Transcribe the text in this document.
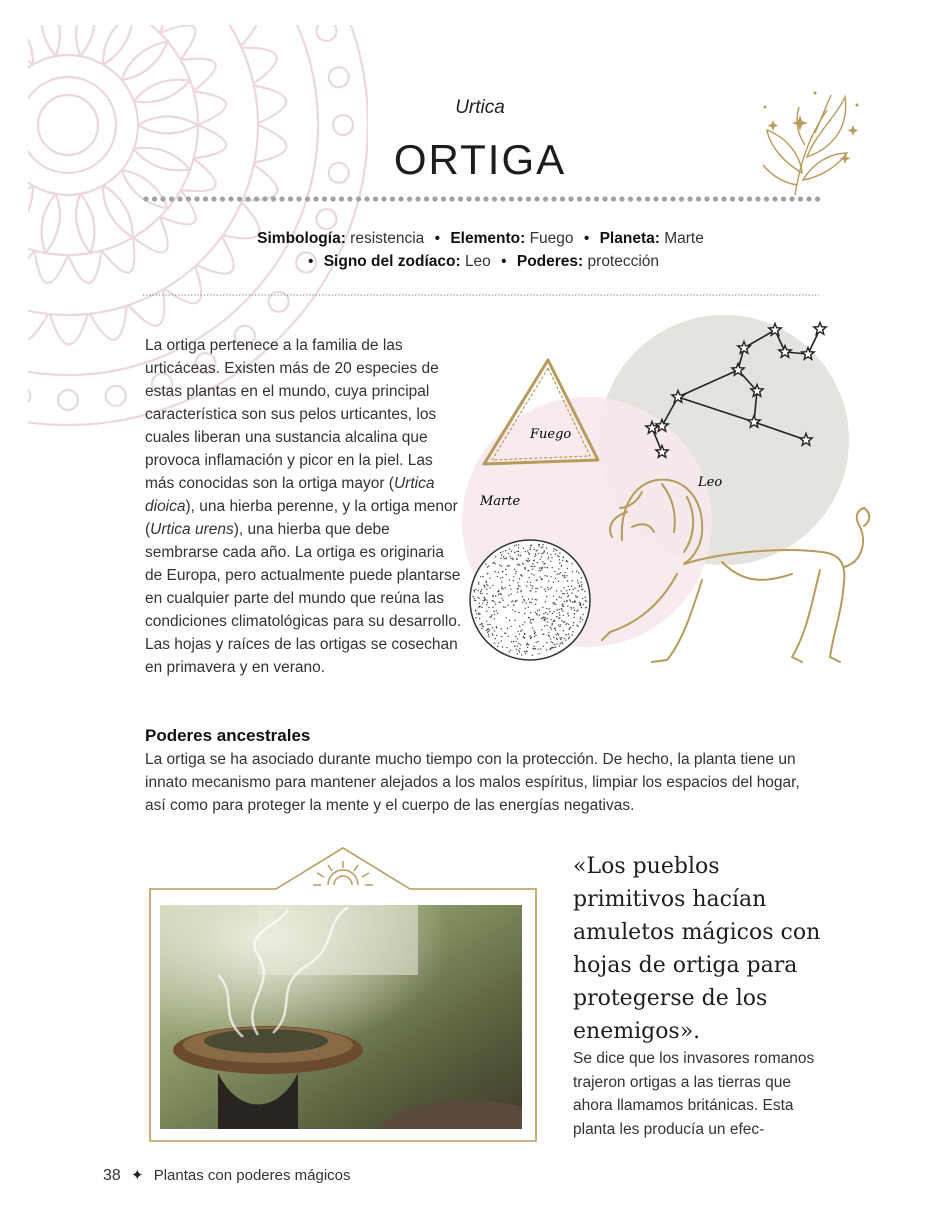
Urtica
ORTIGA
Simbología: resistencia • Elemento: Fuego • Planeta: Marte
• Signo del zodíaco: Leo • Poderes: protección

La ortiga pertenece a la familia de las urticáceas. Existen más de 20 especies de estas plantas en el mundo, cuya principal característica son sus pelos urticantes, los cuales liberan una sustancia alcalina que provoca inflamación y picor en la piel. Las más conocidas son la ortiga mayor (Urtica dioica), una hierba perenne, y la ortiga menor (Urtica urens), una hierba que debe sembrarse cada año. La ortiga es originaria de Europa, pero actualmente puede plantarse en cualquier parte del mundo que reúna las condiciones climatológicas para su desarrollo. Las hojas y raíces de las ortigas se cosechan en primavera y en verano.

Fuego
Marte
Leo
Poderes ancestrales
La ortiga se ha asociado durante mucho tiempo con la protección. De hecho, la planta tiene un innato mecanismo para mantener alejados a los malos espíritus, limpiar los espacios del hogar, así como para proteger la mente y el cuerpo de las energías negativas.
«Los pueblos primitivos hacían amuletos mágicos con hojas de ortiga para protegerse de los enemigos».

Se dice que los invasores romanos trajeron ortigas a las tierras que ahora llamamos británicas. Esta planta les producía un efec-

38 ✦ Plantas con poderes mágicos
